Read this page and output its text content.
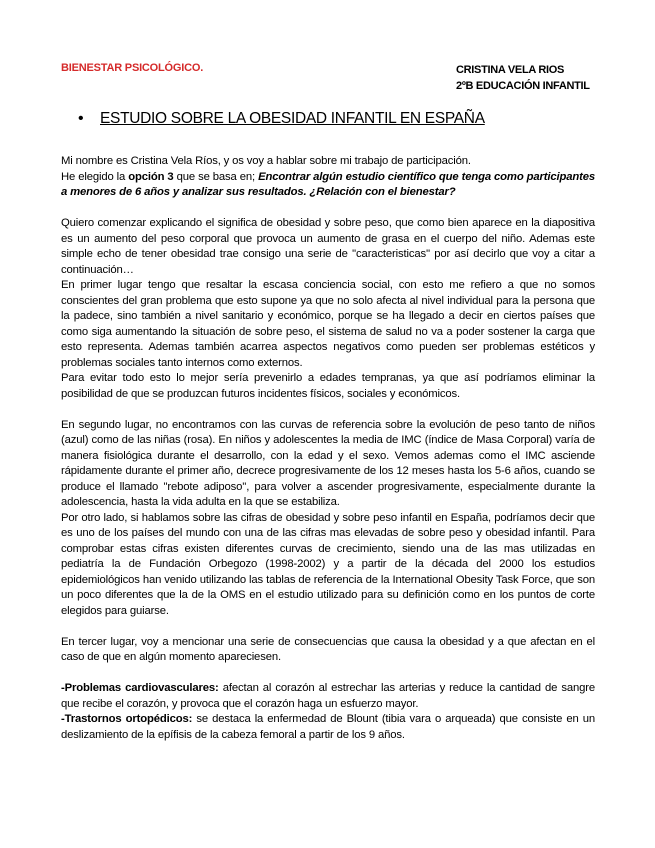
BIENESTAR PSICOLÓGICO.	CRISTINA VELA RIOS
2ºB EDUCACIÓN INFANTIL
• ESTUDIO SOBRE LA OBESIDAD INFANTIL EN ESPAÑA

Mi nombre es Cristina Vela Ríos, y os voy a hablar sobre mi trabajo de participación.

He elegido la opción 3 que se basa en; Encontrar algún estudio científico que tenga como participantes a menores de 6 años y analizar sus resultados. ¿Relación con el bienestar?

Quiero comenzar explicando el significa de obesidad y sobre peso, que como bien aparece en la diapositiva es un aumento del peso corporal que provoca un aumento de grasa en el cuerpo del niño. Ademas este simple echo de tener obesidad trae consigo una serie de ''caracteristicas'' por así decirlo que voy a citar a continuación…

En primer lugar tengo que resaltar la escasa conciencia social, con esto me refiero a que no somos conscientes del gran problema que esto supone ya que no solo afecta al nivel individual para la persona que la padece, sino también a nivel sanitario y económico, porque se ha llegado a decir en ciertos países que como siga aumentando la situación de sobre peso, el sistema de salud no va a poder sostener la carga que esto representa. Ademas también acarrea aspectos negativos como pueden ser problemas estéticos y problemas sociales tanto internos como externos.

Para evitar todo esto lo mejor sería prevenirlo a edades tempranas, ya que así podríamos eliminar la posibilidad de que se produzcan futuros incidentes físicos, sociales y económicos.

En segundo lugar, no encontramos con las curvas de referencia sobre la evolución de peso tanto de niños (azul) como de las niñas (rosa). En niños y adolescentes la media de IMC (índice de Masa Corporal) varía de manera fisiológica durante el desarrollo, con la edad y el sexo. Vemos ademas como el IMC asciende rápidamente durante el primer año, decrece progresivamente de los 12 meses hasta los 5-6 años, cuando se produce el llamado ''rebote adiposo'', para volver a ascender progresivamente, especialmente durante la adolescencia, hasta la vida adulta en la que se estabiliza.

Por otro lado, si hablamos sobre las cifras de obesidad y sobre peso infantil en España, podríamos decir que es uno de los países del mundo con una de las cifras mas elevadas de sobre peso y obesidad infantil. Para comprobar estas cifras existen diferentes curvas de crecimiento, siendo una de las mas utilizadas en pediatría la de Fundación Orbegozo (1998-2002) y a partir de la década del 2000 los estudios epidemiológicos han venido utilizando las tablas de referencia de la International Obesity Task Force, que son un poco diferentes que la de la OMS en el estudio utilizado para su definición como en los puntos de corte elegidos para guiarse.

En tercer lugar, voy a mencionar una serie de consecuencias que causa la obesidad y a que afectan en el caso de que en algún momento apareciesen.

-Problemas cardiovasculares: afectan al corazón al estrechar las arterias y reduce la cantidad de sangre que recibe el corazón, y provoca que el corazón haga un esfuerzo mayor.

-Trastornos ortopédicos: se destaca la enfermedad de Blount (tibia vara o arqueada) que consiste en un deslizamiento de la epífisis de la cabeza femoral a partir de los 9 años.
